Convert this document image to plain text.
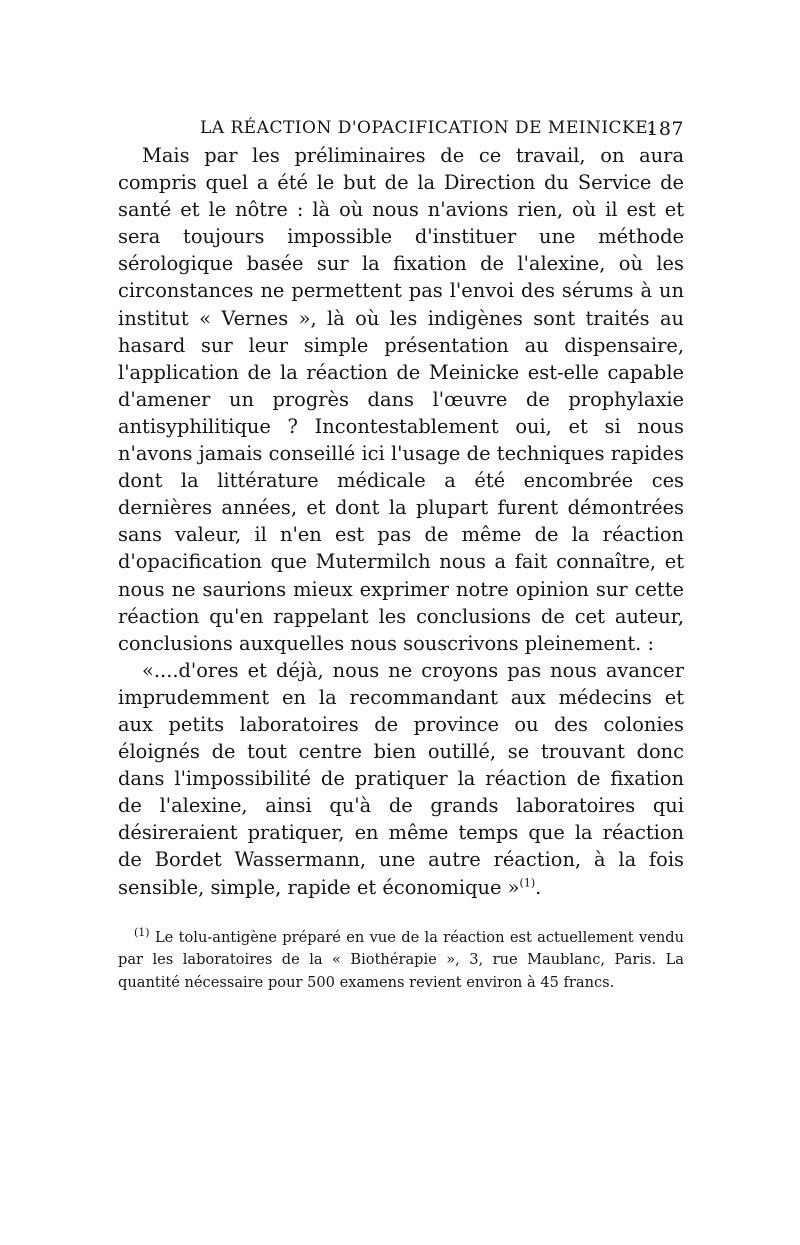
LA RÉACTION D'OPACIFICATION DE MEINICKE.
187

Mais par les préliminaires de ce travail, on aura compris quel a été le but de la Direction du Service de santé et le nôtre : là où nous n'avions rien, où il est et sera toujours impossible d'instituer une méthode sérologique basée sur la fixation de l'alexine, où les circonstances ne permettent pas l'envoi des sérums à un institut « Vernes », là où les indigènes sont traités au hasard sur leur simple présentation au dispensaire, l'application de la réaction de Meinicke est-elle capable d'amener un progrès dans l'œuvre de prophylaxie antisyphilitique ? Incontestablement oui, et si nous n'avons jamais conseillé ici l'usage de techniques rapides dont la littérature médicale a été encombrée ces dernières années, et dont la plupart furent démontrées sans valeur, il n'en est pas de même de la réaction d'opacification que Mutermilch nous a fait connaître, et nous ne saurions mieux exprimer notre opinion sur cette réaction qu'en rappelant les conclusions de cet auteur, conclusions auxquelles nous souscrivons pleinement. :

«....d'ores et déjà, nous ne croyons pas nous avancer imprudemment en la recommandant aux médecins et aux petits laboratoires de province ou des colonies éloignés de tout centre bien outillé, se trouvant donc dans l'impossibilité de pratiquer la réaction de fixation de l'alexine, ainsi qu'à de grands laboratoires qui désireraient pratiquer, en même temps que la réaction de Bordet Wassermann, une autre réaction, à la fois sensible, simple, rapide et économique »$^{(1)}$.

$^{(1)}$ Le tolu-antigène préparé en vue de la réaction est actuellement vendu par les laboratoires de la « Biothérapie », 3, rue Maublanc, Paris. La quantité nécessaire pour 500 examens revient environ à 45 francs.
